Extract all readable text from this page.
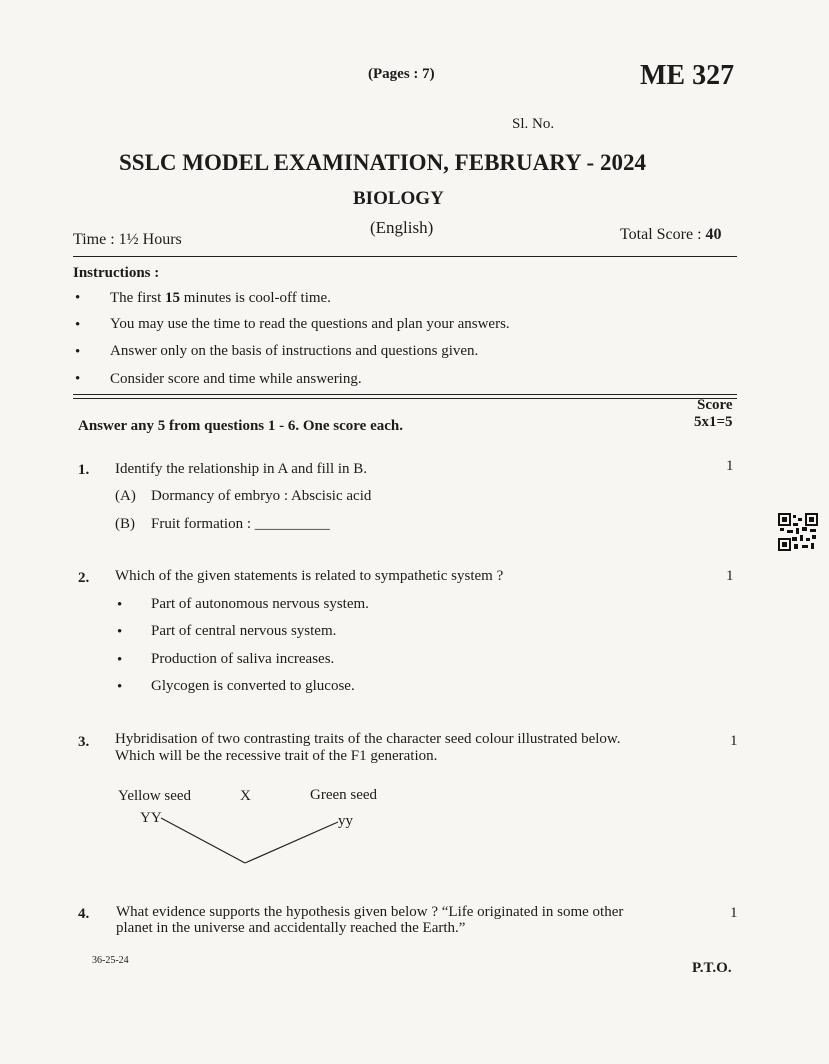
(Pages : 7)	ME 327
Sl. No.
SSLC MODEL EXAMINATION, FEBRUARY - 2024
BIOLOGY
(English)
Time : 1½ Hours	Total Score : 40
Instructions :
•
The first 15 minutes is cool-off time.
•
You may use the time to read the questions and plan your answers.
•
Answer only on the basis of instructions and questions given.
•
Consider score and time while answering.
Score
Answer any 5 from questions 1 - 6. One score each.	5x1=5
1. Identify the relationship in A and fill in B.	1
(A) Dormancy of embryo : Abscisic acid
(B) Fruit formation : __________
2. Which of the given statements is related to sympathetic system ?	1
•
Part of autonomous nervous system.
•
Part of central nervous system.
•
Production of saliva increases.
•
Glycogen is converted to glucose.
3. Hybridisation of two contrasting traits of the character seed colour illustrated below.
Which will be the recessive trait of the F1 generation.
1
Yellow seed	X	Green seed
YY	yy
4. What evidence supports the hypothesis given below ? “Life originated in some other
planet in the universe and accidentally reached the Earth.”
1
36-25-24	P.T.O.
